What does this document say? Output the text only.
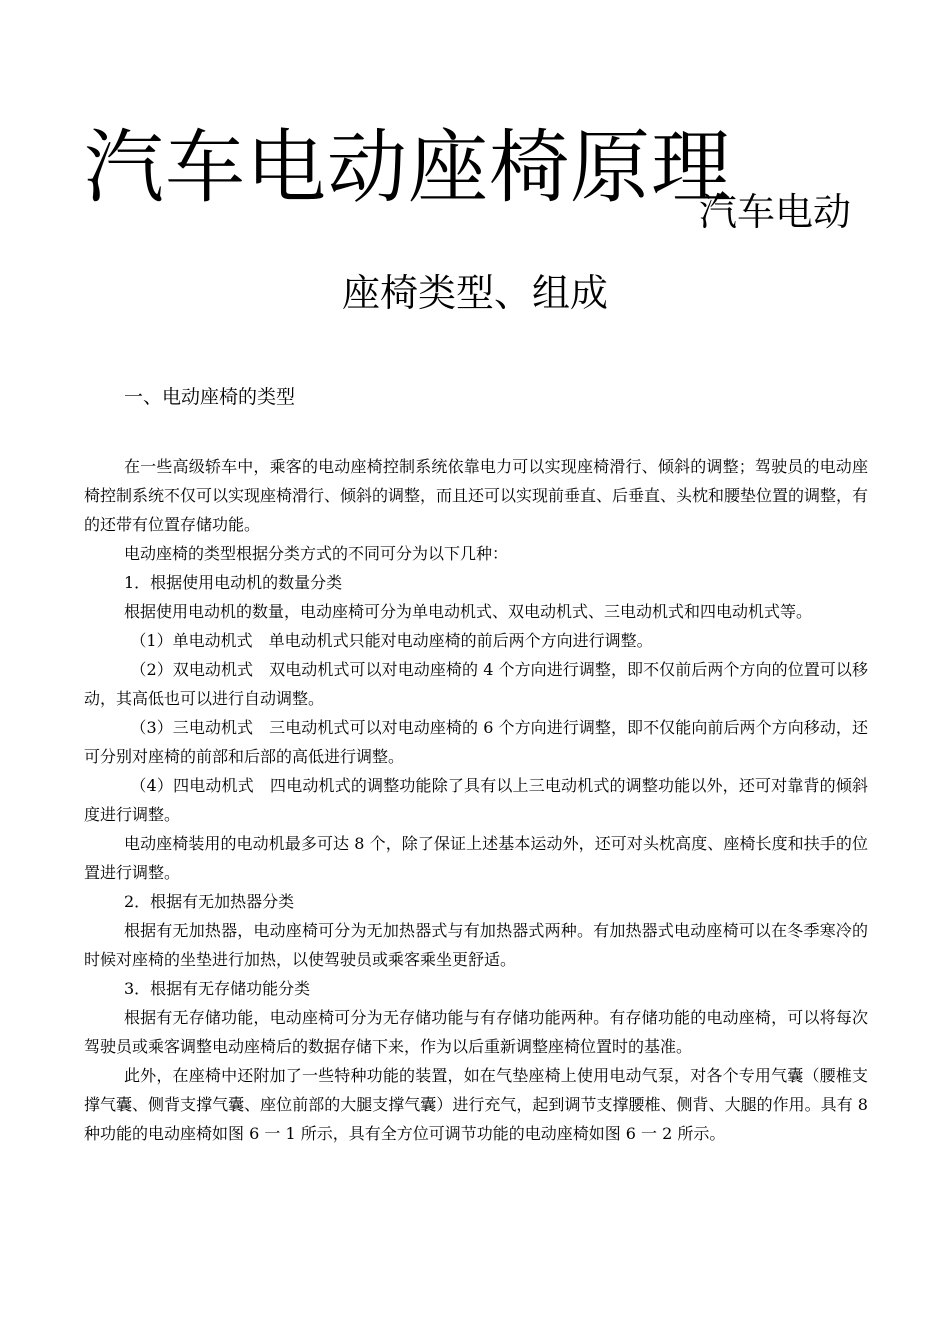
汽车电动座椅原理
汽车电动
座椅类型、组成
一、电动座椅的类型

在一些高级轿车中，乘客的电动座椅控制系统依靠电力可以实现座椅滑行、倾斜的调整；驾驶员的电动座椅控制系统不仅可以实现座椅滑行、倾斜的调整，而且还可以实现前垂直、后垂直、头枕和腰垫位置的调整，有的还带有位置存储功能。

电动座椅的类型根据分类方式的不同可分为以下几种：

1．根据使用电动机的数量分类

根据使用电动机的数量，电动座椅可分为单电动机式、双电动机式、三电动机式和四电动机式等。

（1）单电动机式　单电动机式只能对电动座椅的前后两个方向进行调整。

（2）双电动机式　双电动机式可以对电动座椅的 4 个方向进行调整，即不仅前后两个方向的位置可以移动，其高低也可以进行自动调整。

（3）三电动机式　三电动机式可以对电动座椅的 6 个方向进行调整，即不仅能向前后两个方向移动，还可分别对座椅的前部和后部的高低进行调整。

（4）四电动机式　四电动机式的调整功能除了具有以上三电动机式的调整功能以外，还可对靠背的倾斜度进行调整。

电动座椅装用的电动机最多可达 8 个，除了保证上述基本运动外，还可对头枕高度、座椅长度和扶手的位置进行调整。

2．根据有无加热器分类

根据有无加热器，电动座椅可分为无加热器式与有加热器式两种。有加热器式电动座椅可以在冬季寒冷的时候对座椅的坐垫进行加热，以使驾驶员或乘客乘坐更舒适。

3．根据有无存储功能分类

根据有无存储功能，电动座椅可分为无存储功能与有存储功能两种。有存储功能的电动座椅，可以将每次驾驶员或乘客调整电动座椅后的数据存储下来，作为以后重新调整座椅位置时的基准。

此外，在座椅中还附加了一些特种功能的装置，如在气垫座椅上使用电动气泵，对各个专用气囊（腰椎支撑气囊、侧背支撑气囊、座位前部的大腿支撑气囊）进行充气，起到调节支撑腰椎、侧背、大腿的作用。具有 8 种功能的电动座椅如图 6 一 1 所示，具有全方位可调节功能的电动座椅如图 6 一 2 所示。
